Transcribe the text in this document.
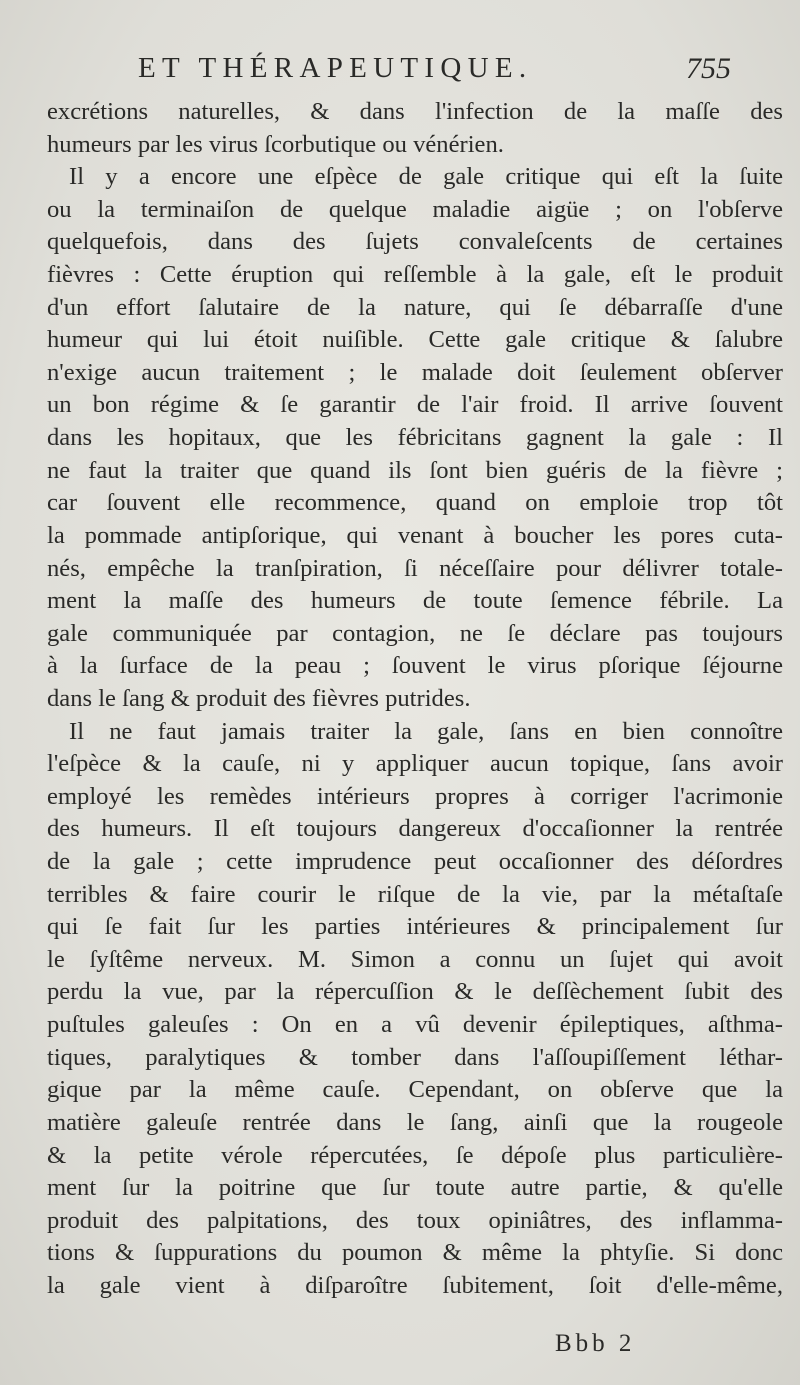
ET THÉRAPEUTIQUE.	755
excrétions naturelles, & dans l'infection de la maſſe des
humeurs par les virus ſcorbutique ou vénérien.
Il y a encore une eſpèce de gale critique qui eſt la ſuite
ou la terminaiſon de quelque maladie aigüe ; on l'obſerve
quelquefois, dans des ſujets convaleſcents de certaines
fièvres : Cette éruption qui reſſemble à la gale, eſt le produit
d'un effort ſalutaire de la nature, qui ſe débarraſſe d'une
humeur qui lui étoit nuiſible. Cette gale critique & ſalubre
n'exige aucun traitement ; le malade doit ſeulement obſerver
un bon régime & ſe garantir de l'air froid. Il arrive ſouvent
dans les hopitaux, que les fébricitans gagnent la gale : Il
ne faut la traiter que quand ils ſont bien guéris de la fièvre ;
car ſouvent elle recommence, quand on emploie trop tôt
la pommade antipſorique, qui venant à boucher les pores cuta-
nés, empêche la tranſpiration, ſi néceſſaire pour délivrer totale-
ment la maſſe des humeurs de toute ſemence fébrile. La
gale communiquée par contagion, ne ſe déclare pas toujours
à la ſurface de la peau ; ſouvent le virus pſorique ſéjourne
dans le ſang & produit des fièvres putrides.
Il ne faut jamais traiter la gale, ſans en bien connoître
l'eſpèce & la cauſe, ni y appliquer aucun topique, ſans avoir
employé les remèdes intérieurs propres à corriger l'acrimonie
des humeurs. Il eſt toujours dangereux d'occaſionner la rentrée
de la gale ; cette imprudence peut occaſionner des déſordres
terribles & faire courir le riſque de la vie, par la métaſtaſe
qui ſe fait ſur les parties intérieures & principalement ſur
le ſyſtême nerveux. M. Simon a connu un ſujet qui avoit
perdu la vue, par la répercuſſion & le deſſèchement ſubit des
puſtules galeuſes : On en a vû devenir épileptiques, aſthma-
tiques, paralytiques & tomber dans l'aſſoupiſſement léthar-
gique par la même cauſe. Cependant, on obſerve que la
matière galeuſe rentrée dans le ſang, ainſi que la rougeole
& la petite vérole répercutées, ſe dépoſe plus particulière-
ment ſur la poitrine que ſur toute autre partie, & qu'elle
produit des palpitations, des toux opiniâtres, des inflamma-
tions & ſuppurations du poumon & même la phtyſie. Si donc
la gale vient à diſparoître ſubitement, ſoit d'elle-même,
Bbb 2
